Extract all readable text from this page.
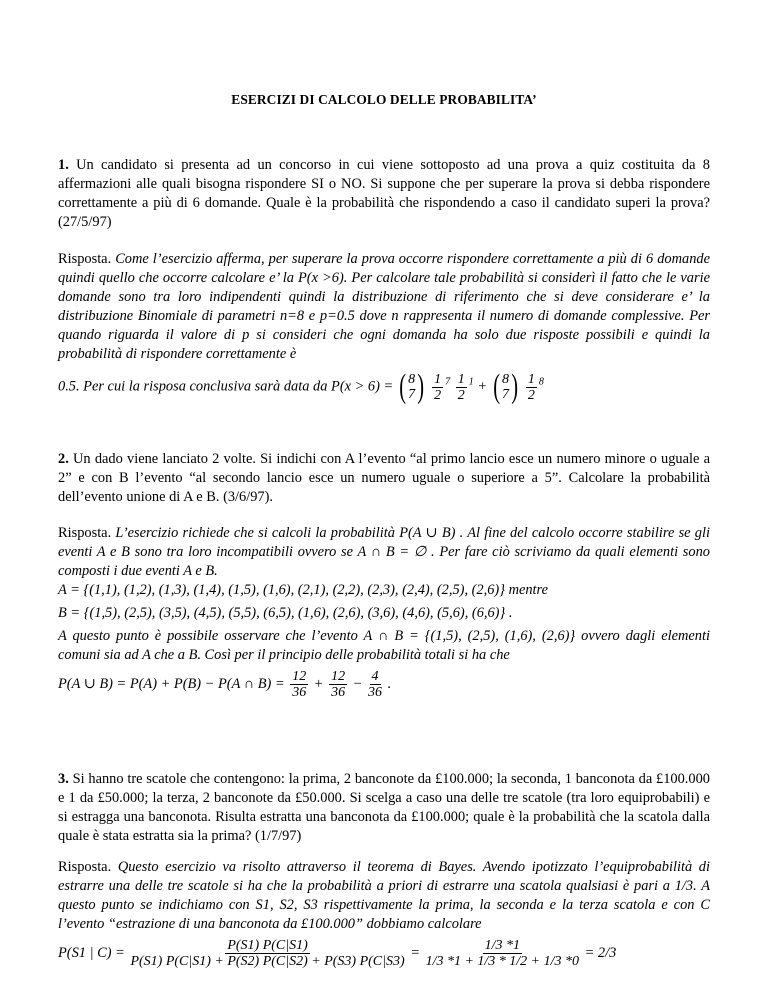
ESERCIZI DI CALCOLO DELLE PROBABILITA’

1. Un candidato si presenta ad un concorso in cui viene sottoposto ad una prova a quiz costituita da 8 affermazioni alle quali bisogna rispondere SI o NO. Si suppone che per superare la prova si debba rispondere correttamente a più di 6 domande. Quale è la probabilità che rispondendo a caso il candidato superi la prova? (27/5/97)

Risposta. Come l’esercizio afferma, per superare la prova occorre rispondere correttamente a più di 6 domande quindi quello che occorre calcolare e’ la P(x >6). Per calcolare tale probabilità si considerì il fatto che le varie domande sono tra loro indipendenti quindi la distribuzione di riferimento che si deve considerare e’ la distribuzione Binomiale di parametri n=8 e p=0.5 dove n rappresenta il numero di domande complessive. Per quando riguarda il valore di p si consideri che ogni domanda ha solo due risposte possibili e quindi la probabilità di rispondere correttamente è

0.5. Per cui la risposa conclusiva sarà data da P(x > 6) = ( 8
7 )
$\frac{1}{2} ^7 \frac{1}{2} ^1$ + ( 8
7 )
$\frac{1}{2} ^8$

2. Un dado viene lanciato 2 volte. Si indichi con A l’evento “al primo lancio esce un numero minore o uguale a 2” e con B l’evento “al secondo lancio esce un numero uguale o superiore a 5”. Calcolare la probabilità dell’evento unione di A e B. (3/6/97).

Risposta. L’esercizio richiede che si calcoli la probabilità P(A ∪ B) . Al fine del calcolo occorre stabilire se gli eventi A e B sono tra loro incompatibili ovvero se A ∩ B = ∅ . Per fare ciò scriviamo da quali elementi sono composti i due eventi A e B.

A = {(1,1), (1,2), (1,3), (1,4), (1,5), (1,6), (2,1), (2,2), (2,3), (2,4), (2,5), (2,6)} mentre

B = {(1,5), (2,5), (3,5), (4,5), (5,5), (6,5), (1,6), (2,6), (3,6), (4,6), (5,6), (6,6)} .

A questo punto è possibile osservare che l’evento A ∩ B = {(1,5), (2,5), (1,6), (2,6)} ovvero dagli elementi comuni sia ad A che a B. Così per il principio delle probabilità totali si ha che

P(A ∪ B) = P(A) + P(B) − P(A ∩ $B) = \frac{12}{36} + \frac{12}{36} - \frac{4}{36}$ .

3. Si hanno tre scatole che contengono: la prima, 2 banconote da £100.000; la seconda, 1 banconota da £100.000 e 1 da £50.000; la terza, 2 banconote da £50.000. Si scelga a caso una delle tre scatole (tra loro equiprobabili) e si estragga una banconota. Risulta estratta una banconota da £100.000; quale è la probabilità che la scatola dalla quale è stata estratta sia la prima? (1/7/97)

Risposta. Questo esercizio va risolto attraverso il teorema di Bayes. Avendo ipotizzato l’equiprobabilità di estrarre una delle tre scatole si ha che la probabilità a priori di estrarre una scatola qualsiasi è pari a 1/3. A questo punto se indichiamo con S1, S2, S3 rispettivamente la prima, la seconda e la terza scatola e con C l’evento “estrazione di una banconota da £100.000” dobbiamo calcolare

P(S1 | $C) = \frac{P(S1) P(C|S1)}{P(S1) P(C|S1) + P(S2) P(C|S2) + P(S3) P(C|S3)} = \frac{1/3 *1}{1/3 *1 + 1/3 * 1/2 + 1/3 *0} = 2/3$
